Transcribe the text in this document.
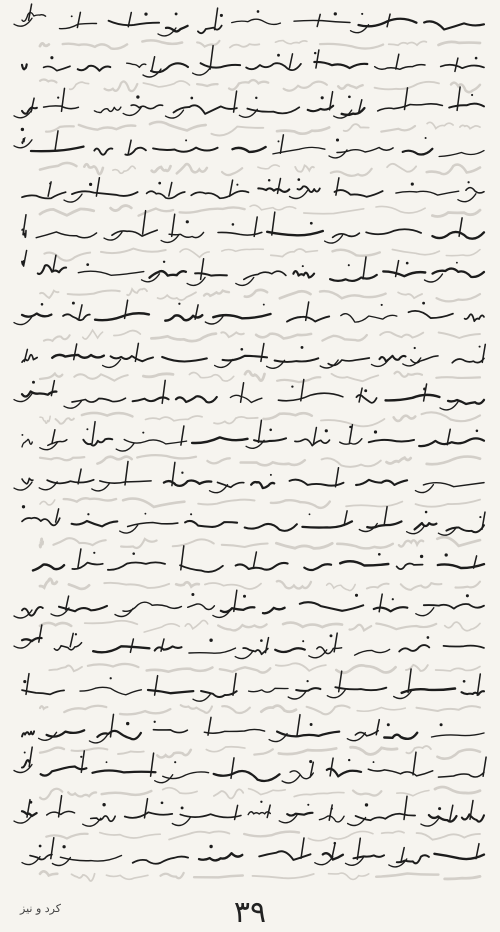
۳۹
کرد و نیز
